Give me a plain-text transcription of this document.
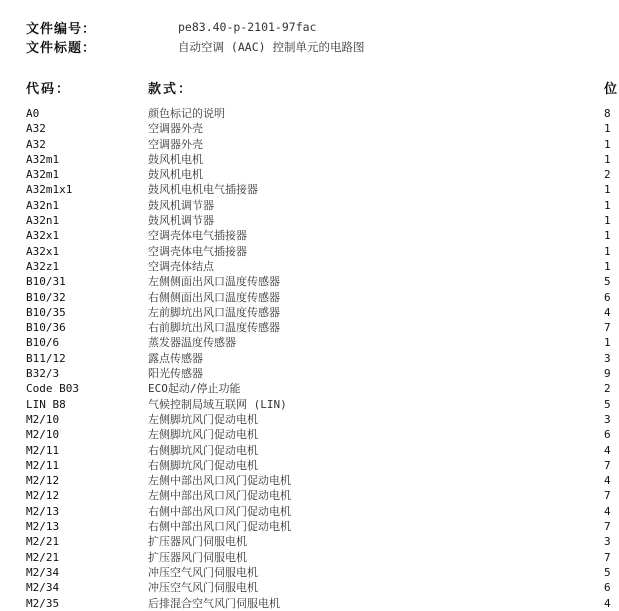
文件编号：	pe83.40-p-2101-97fac
文件标题：	自动空调 (AAC) 控制单元的电路图
代码：	款式：	位
A0	颜色标记的说明	8
A32	空调器外壳	1
A32	空调器外壳	1
A32m1	鼓风机电机	1
A32m1	鼓风机电机	2
A32m1x1	鼓风机电机电气插接器	1
A32n1	鼓风机调节器	1
A32n1	鼓风机调节器	1
A32x1	空调壳体电气插接器	1
A32x1	空调壳体电气插接器	1
A32z1	空调壳体结点	1
B10/31	左侧侧面出风口温度传感器	5
B10/32	右侧侧面出风口温度传感器	6
B10/35	左前脚坑出风口温度传感器	4
B10/36	右前脚坑出风口温度传感器	7
B10/6	蒸发器温度传感器	1
B11/12	露点传感器	3
B32/3	阳光传感器	9
Code B03	ECO起动/停止功能	2
LIN B8	气候控制局域互联网 (LIN)	5
M2/10	左侧脚坑风门促动电机	3
M2/10	左侧脚坑风门促动电机	6
M2/11	右侧脚坑风门促动电机	4
M2/11	右侧脚坑风门促动电机	7
M2/12	左侧中部出风口风门促动电机	4
M2/12	左侧中部出风口风门促动电机	7
M2/13	右侧中部出风口风门促动电机	4
M2/13	右侧中部出风口风门促动电机	7
M2/21	扩压器风门伺服电机	3
M2/21	扩压器风门伺服电机	7
M2/34	冲压空气风门伺服电机	5
M2/34	冲压空气风门伺服电机	6
M2/35	后排混合空气风门伺服电机	4
